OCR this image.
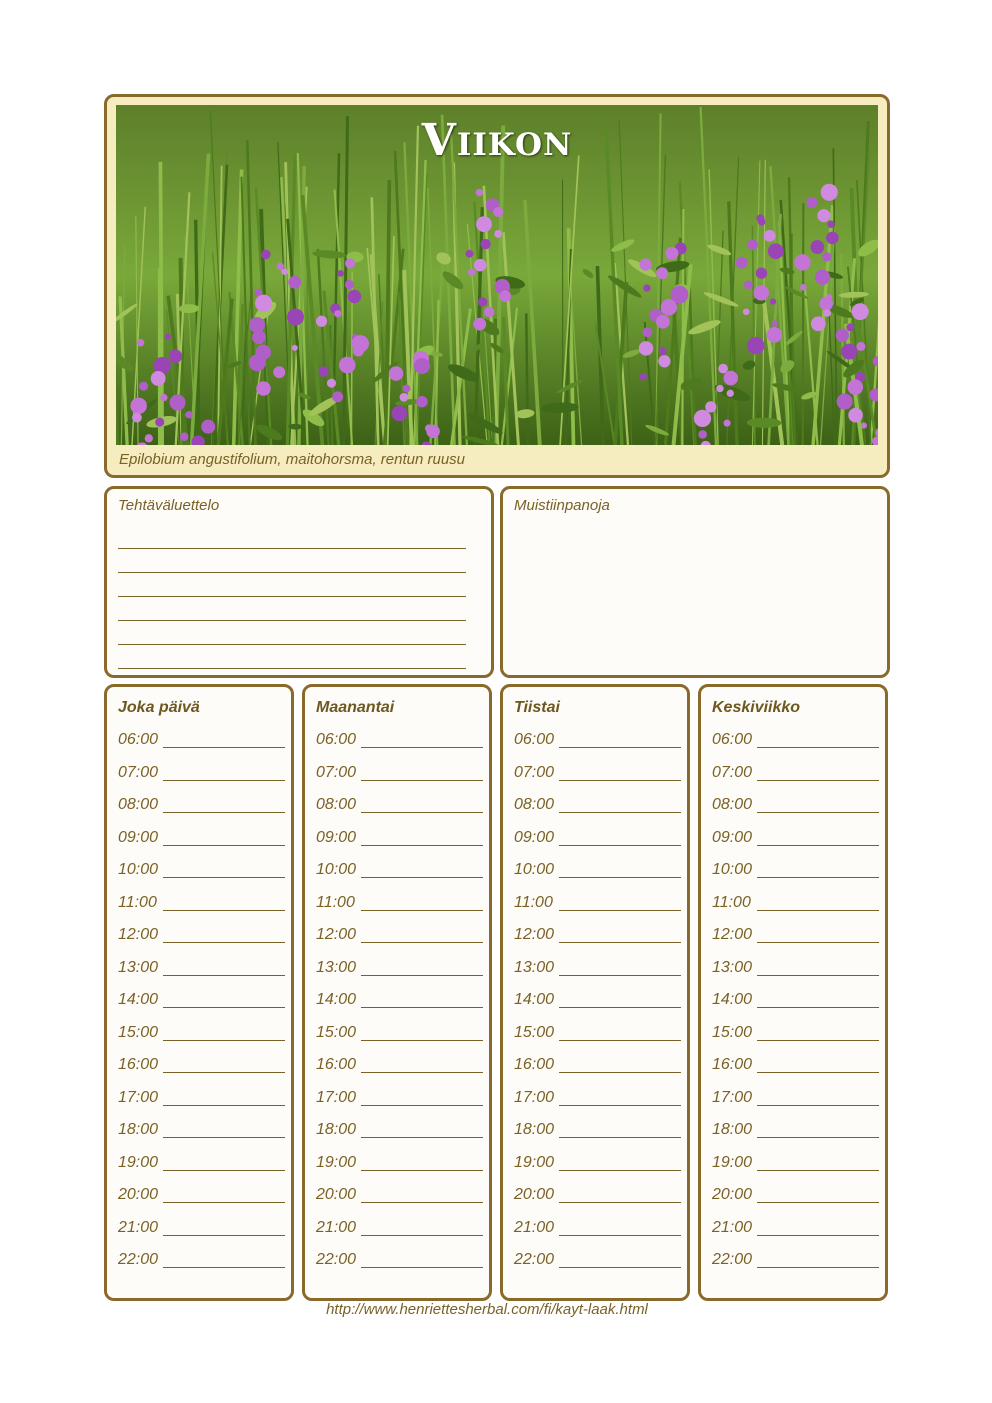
Viikon
Epilobium angustifolium, maitohorsma, rentun ruusu
Tehtäväluettelo	Muistiinpanoja
Joka päivä
06:00
07:00
08:00
09:00
10:00
11:00
12:00
13:00
14:00
15:00
16:00
17:00
18:00
19:00
20:00
21:00
22:00
Maanantai
06:00
07:00
08:00
09:00
10:00
11:00
12:00
13:00
14:00
15:00
16:00
17:00
18:00
19:00
20:00
21:00
22:00
Tiistai
06:00
07:00
08:00
09:00
10:00
11:00
12:00
13:00
14:00
15:00
16:00
17:00
18:00
19:00
20:00
21:00
22:00
Keskiviikko
06:00
07:00
08:00
09:00
10:00
11:00
12:00
13:00
14:00
15:00
16:00
17:00
18:00
19:00
20:00
21:00
22:00
http://www.henriettesherbal.com/fi/kayt-laak.html
